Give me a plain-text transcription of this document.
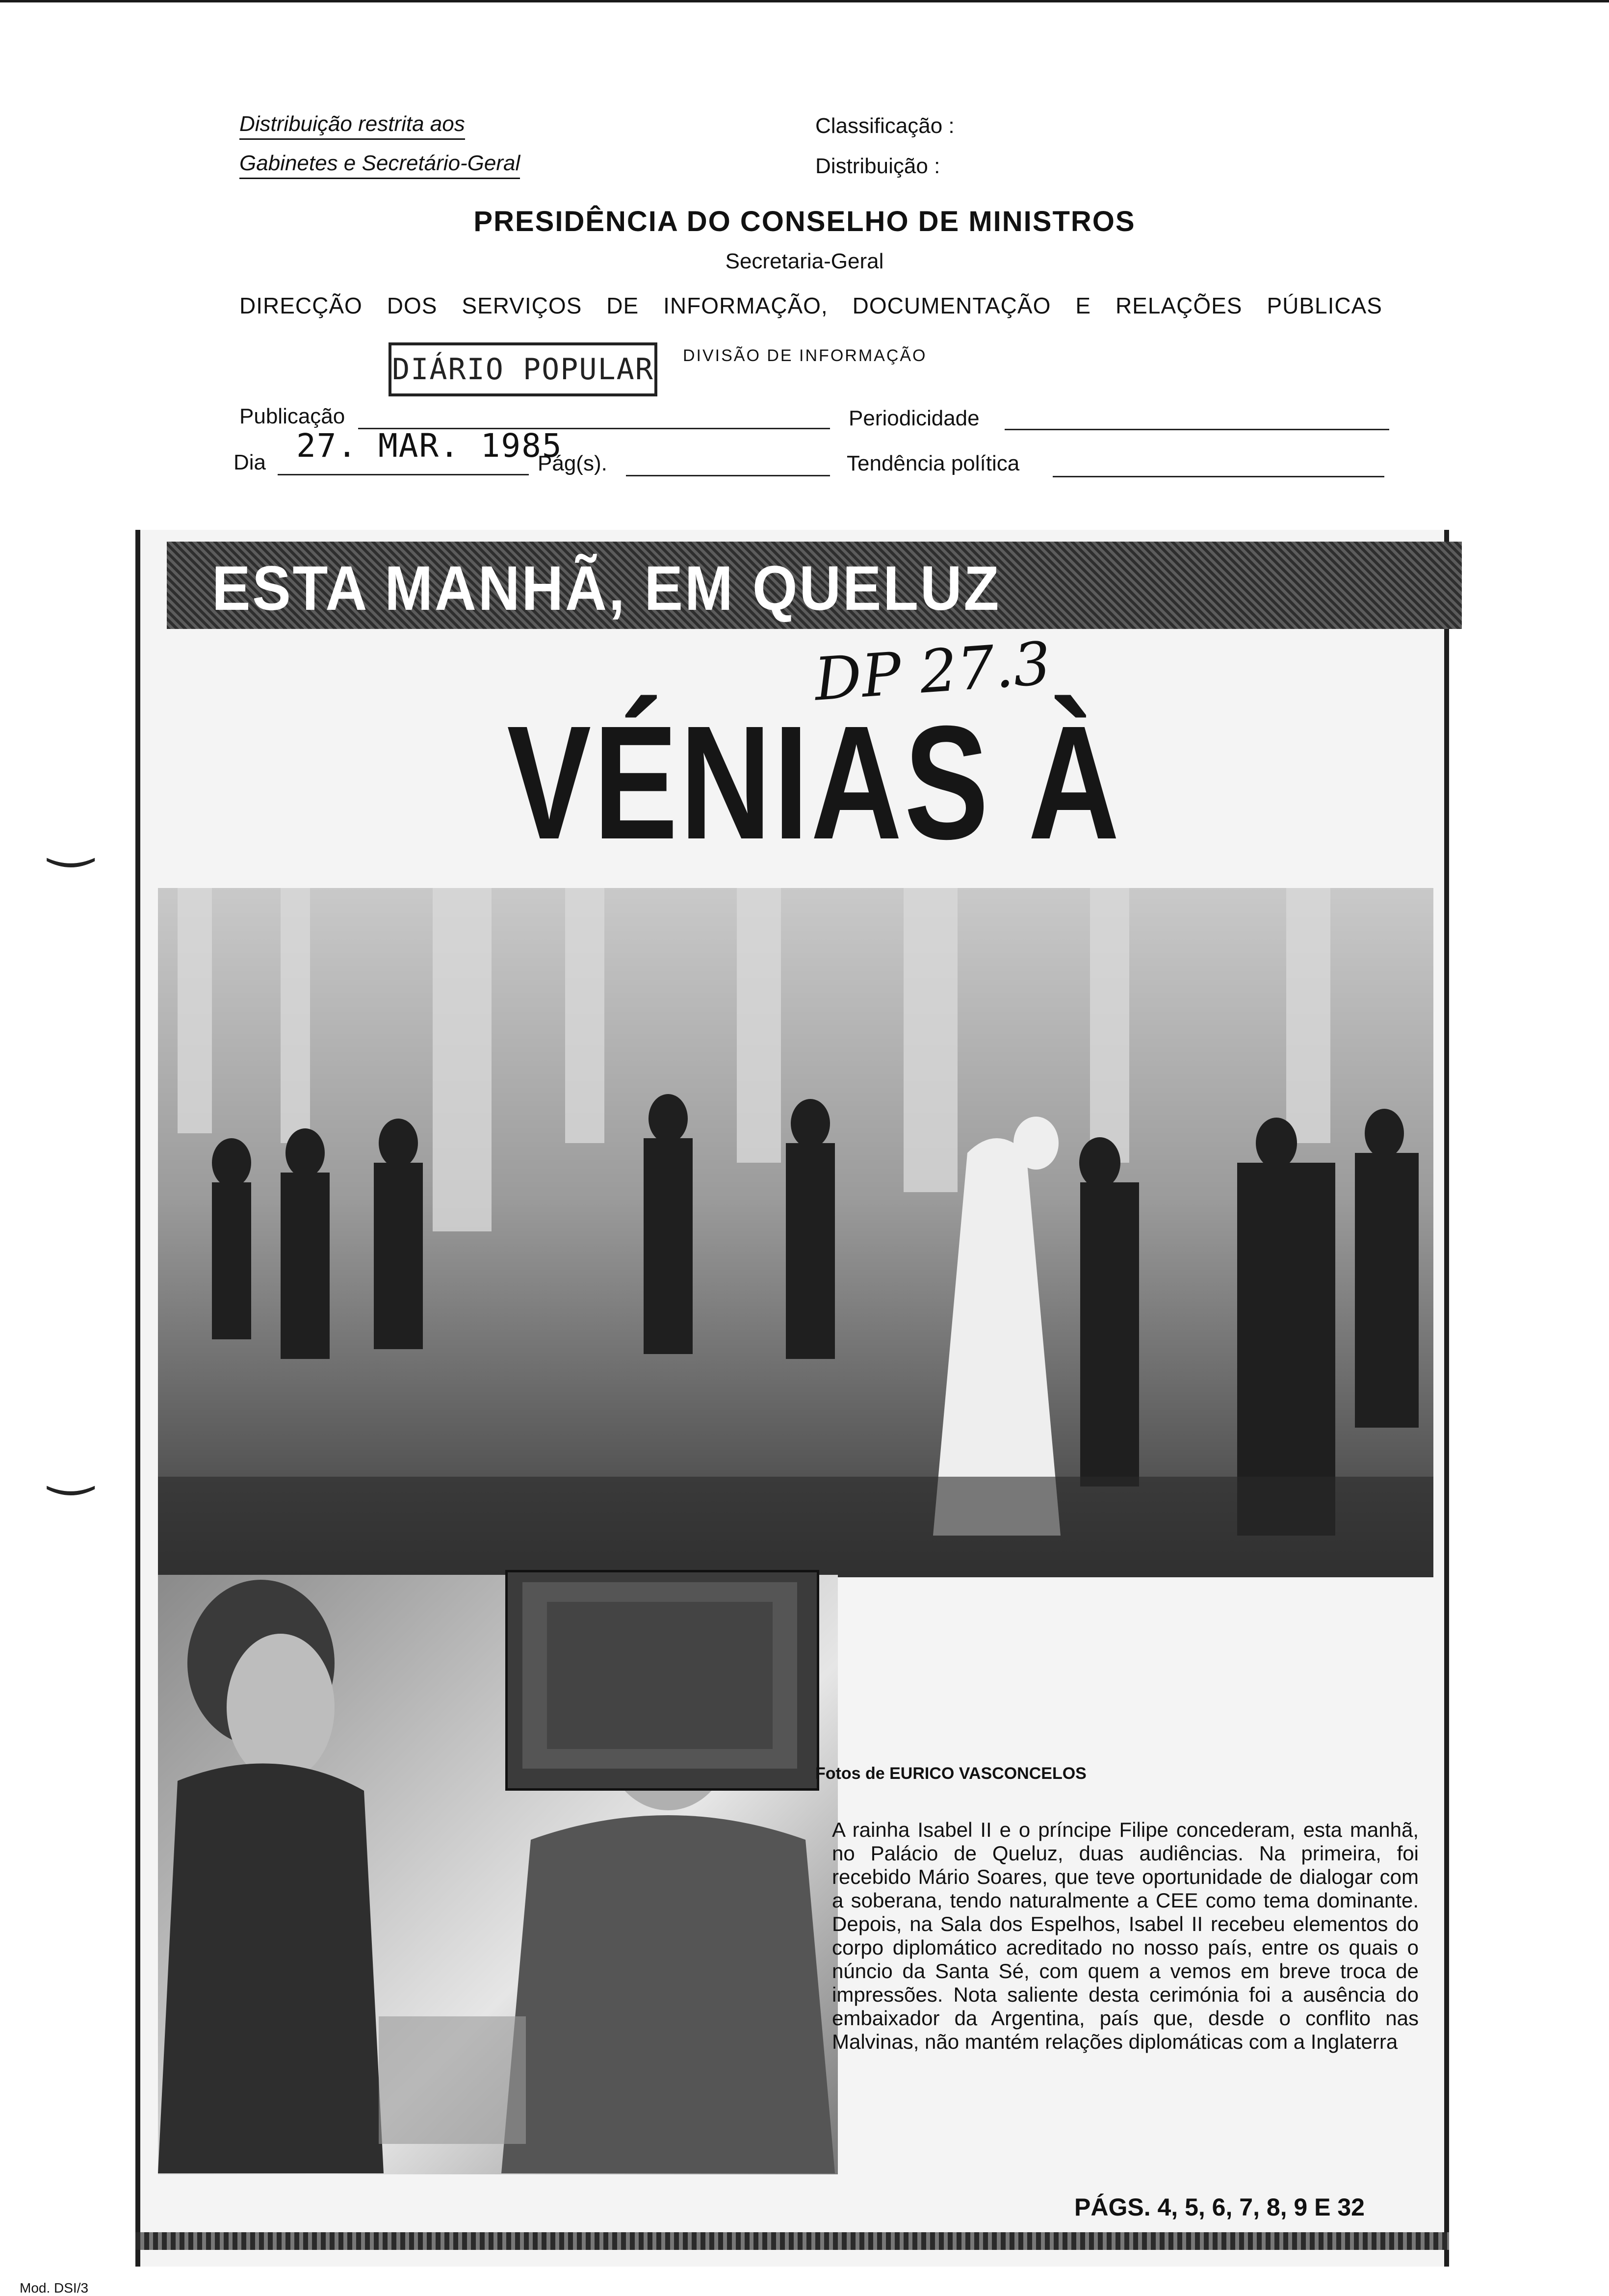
Distribuição restrita aos
Gabinetes e Secretário-Geral
Classificação :
Distribuição :
PRESIDÊNCIA DO CONSELHO DE MINISTROS
Secretaria-Geral
DIRECÇÃO DOS SERVIÇOS DE INFORMAÇÃO, DOCUMENTAÇÃO E RELAÇÕES PÚBLICAS
DIÁRIO POPULAR DIVISÃO DE INFORMAÇÃO
Publicação	Periodicidade
Dia 27. MAR. 1985
Pág(s).	Tendência política
ESTA MANHÃ, EM QUELUZ
DP 27.3
VÉNIAS À
Fotos de EURICO VASCONCELOS
A rainha Isabel II e o príncipe Filipe concederam, esta manhã, no Palácio de Queluz, duas audiências. Na primeira, foi recebido Mário Soares, que teve oportunidade de dialogar com a soberana, tendo naturalmente a CEE como tema dominante. Depois, na Sala dos Espelhos, Isabel II recebeu elementos do corpo diplomático acreditado no nosso país, entre os quais o núncio da Santa Sé, com quem a vemos em breve troca de impressões. Nota saliente desta cerimónia foi a ausência do embaixador da Argentina, país que, desde o conflito nas Malvinas, não mantém relações diplomáticas com a Inglaterra
PÁGS. 4, 5, 6, 7, 8, 9 E 32
‿
‿
Mod. DSI/3
